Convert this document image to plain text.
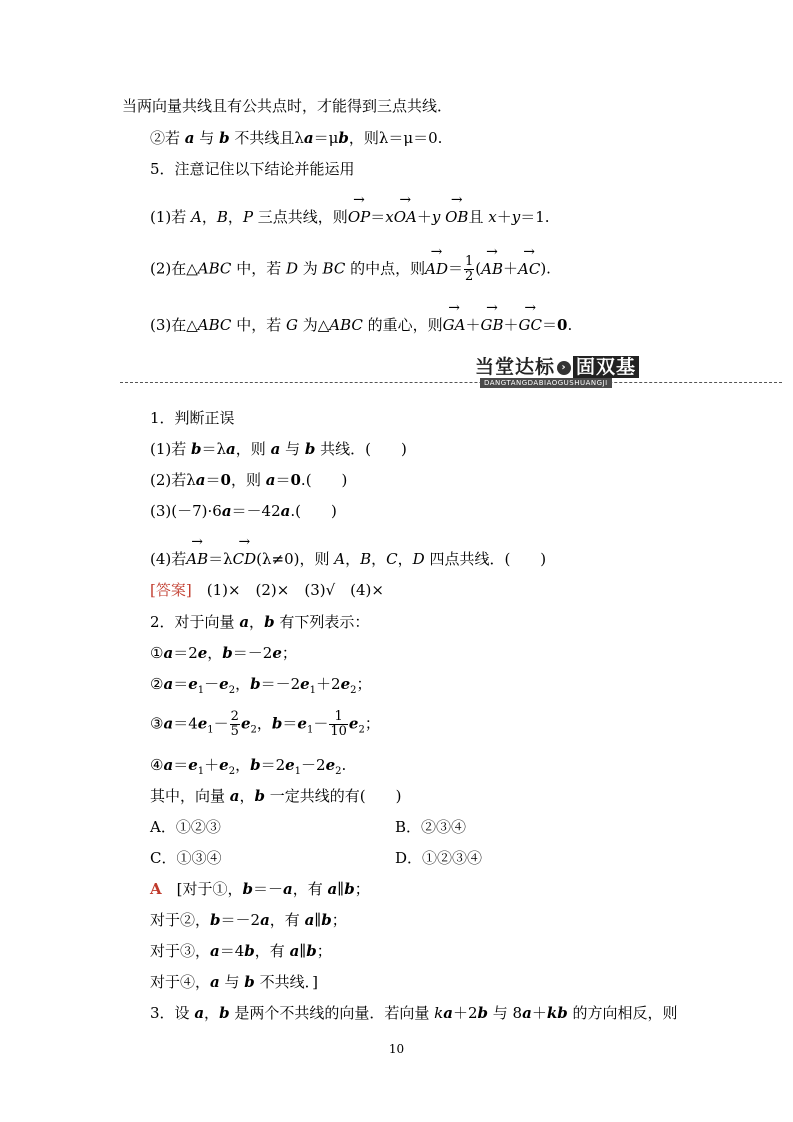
当两向量共线且有公共点时，才能得到三点共线．
②若 a 与 b 不共线且λa＝μb，则λ＝μ＝0.
5．注意记住以下结论并能运用
(1)若 A，B，P 三点共线，则→ OP＝x→ OA＋y → OB且 x＋y＝1.
(2)在△ABC 中，若 D 为 BC 的中点，则→ $AD= \frac{1}{2}$ (→ AB＋→ AC).
(3)在△ABC 中，若 G 为△ABC 的重心，则→ GA＋→ GB＋→ GC＝0.
当堂达标 › 固双基
DANGTANGDABIAOGUSHUANGJI
1．判断正误
(1)若 b＝λa，则 a 与 b 共线．(　　)
(2)若λa＝0，则 a＝0.(　　)
(3)(－7)·6a＝－42a.(　　)
(4)若→ AB＝λ→ CD(λ≠0)，则 A，B，C，D 四点共线．(　　)
[答案]　(1)×　(2)×　(3)√　(4)×
2．对于向量 a，b 有下列表示：
①a＝2e，b＝－2e；
$②a=e_1-e_2$，$b=-2e_1+2e_2$；
$③a=4e_1- \frac{2}{5} e_2$，$b=e_1- \frac{1}{10} e_2$；
$④a=e_1+e_2$，$b=2e_1-2e_2$.
其中，向量 a，b 一定共线的有(　　)
A．①②③	B．②③④
C．①③④	D．①②③④
A　[对于①，b＝－a，有 a∥b；
对于②，b＝－2a，有 a∥b；
对于③，a＝4b，有 a∥b；
对于④，a 与 b 不共线．]
3．设 a，b 是两个不共线的向量．若向量 ka＋2b 与 8a＋kb 的方向相反，则
10
